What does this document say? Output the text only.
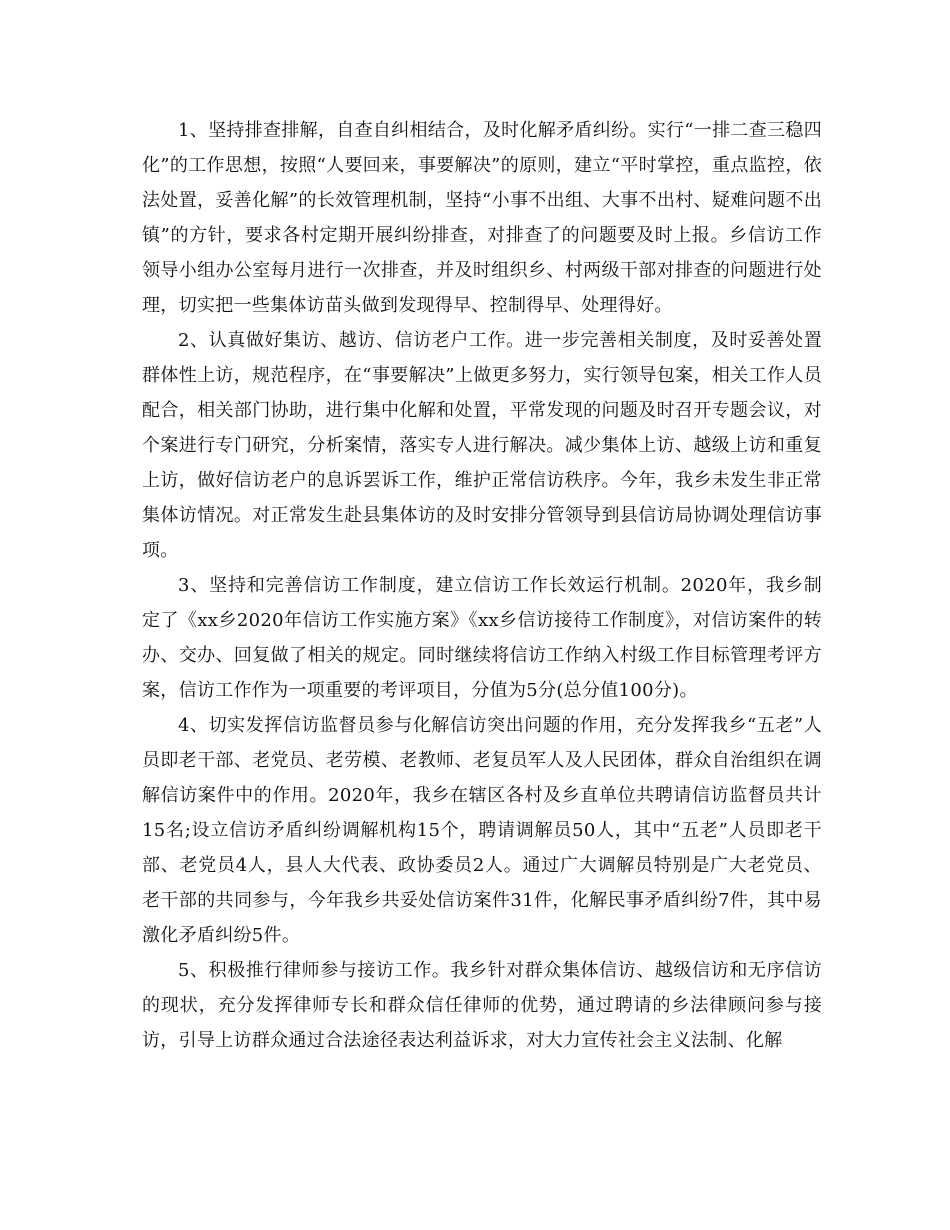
1、坚持排查排解，自查自纠相结合，及时化解矛盾纠纷。实行“一排二查三稳四化”的工作思想，按照“人要回来，事要解决”的原则，建立“平时掌控，重点监控，依法处置，妥善化解”的长效管理机制，坚持“小事不出组、大事不出村、疑难问题不出镇”的方针，要求各村定期开展纠纷排查，对排查了的问题要及时上报。乡信访工作领导小组办公室每月进行一次排查，并及时组织乡、村两级干部对排查的问题进行处理，切实把一些集体访苗头做到发现得早、控制得早、处理得好。

2、认真做好集访、越访、信访老户工作。进一步完善相关制度，及时妥善处置群体性上访，规范程序，在“事要解决”上做更多努力，实行领导包案，相关工作人员配合，相关部门协助，进行集中化解和处置，平常发现的问题及时召开专题会议，对个案进行专门研究，分析案情，落实专人进行解决。减少集体上访、越级上访和重复上访，做好信访老户的息诉罢诉工作，维护正常信访秩序。今年，我乡未发生非正常集体访情况。对正常发生赴县集体访的及时安排分管领导到县信访局协调处理信访事项。

3、坚持和完善信访工作制度，建立信访工作长效运行机制。2020年，我乡制定了《xx乡2020年信访工作实施方案》《xx乡信访接待工作制度》，对信访案件的转办、交办、回复做了相关的规定。同时继续将信访工作纳入村级工作目标管理考评方案，信访工作作为一项重要的考评项目，分值为5分(总分值100分)。

4、切实发挥信访监督员参与化解信访突出问题的作用，充分发挥我乡“五老”人员即老干部、老党员、老劳模、老教师、老复员军人及人民团体，群众自治组织在调解信访案件中的作用。2020年，我乡在辖区各村及乡直单位共聘请信访监督员共计15名;设立信访矛盾纠纷调解机构15个，聘请调解员50人，其中“五老”人员即老干部、老党员4人，县人大代表、政协委员2人。通过广大调解员特别是广大老党员、老干部的共同参与，今年我乡共妥处信访案件31件，化解民事矛盾纠纷7件，其中易激化矛盾纠纷5件。

5、积极推行律师参与接访工作。我乡针对群众集体信访、越级信访和无序信访的现状，充分发挥律师专长和群众信任律师的优势，通过聘请的乡法律顾问参与接访，引导上访群众通过合法途径表达利益诉求，对大力宣传社会主义法制、化解
